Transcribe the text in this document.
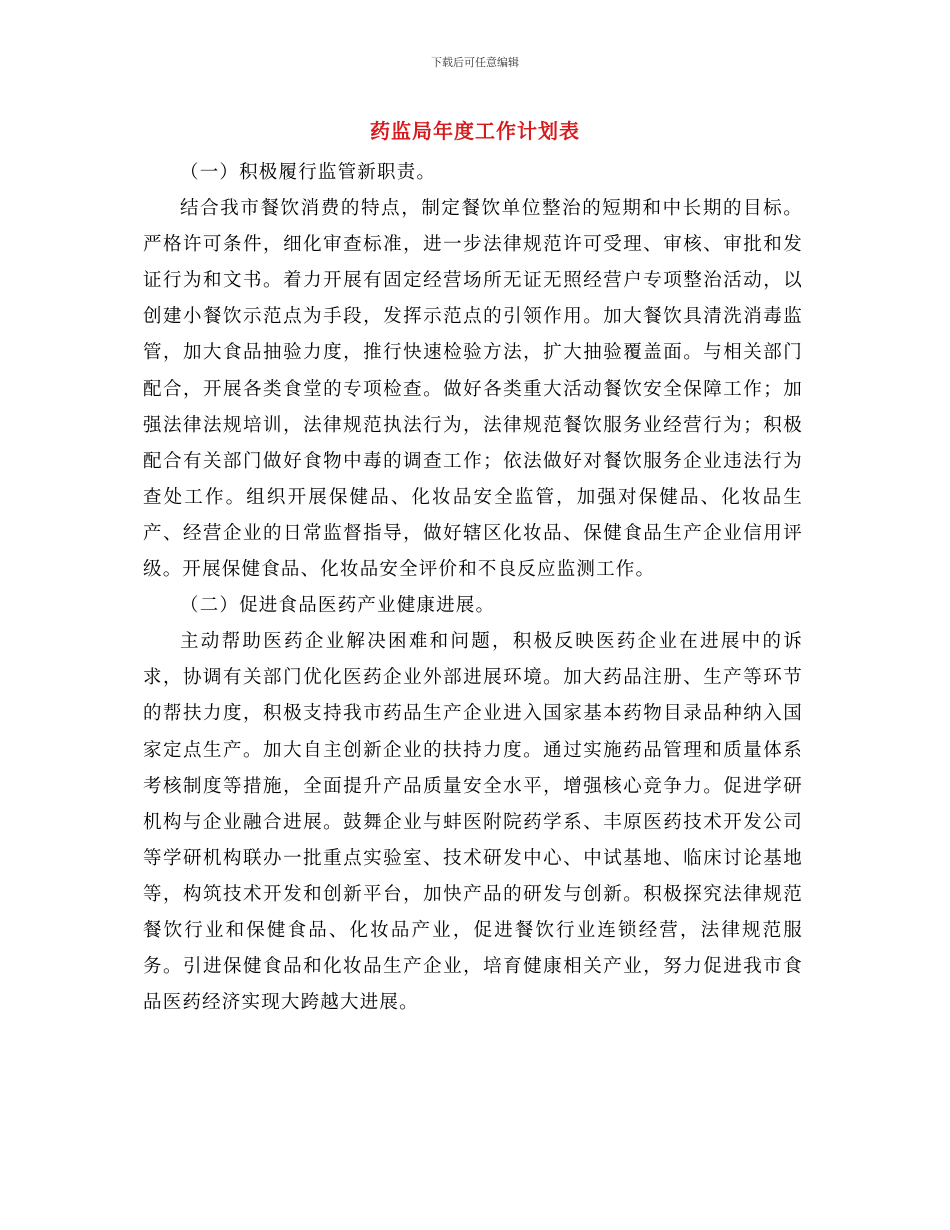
下载后可任意编辑
药监局年度工作计划表

（一）积极履行监管新职责。

结合我市餐饮消费的特点，制定餐饮单位整治的短期和中长期的目标。严格许可条件，细化审查标准，进一步法律规范许可受理、审核、审批和发证行为和文书。着力开展有固定经营场所无证无照经营户专项整治活动，以创建小餐饮示范点为手段，发挥示范点的引领作用。加大餐饮具清洗消毒监管，加大食品抽验力度，推行快速检验方法，扩大抽验覆盖面。与相关部门配合，开展各类食堂的专项检查。做好各类重大活动餐饮安全保障工作；加强法律法规培训，法律规范执法行为，法律规范餐饮服务业经营行为；积极配合有关部门做好食物中毒的调查工作；依法做好对餐饮服务企业违法行为查处工作。组织开展保健品、化妆品安全监管，加强对保健品、化妆品生产、经营企业的日常监督指导，做好辖区化妆品、保健食品生产企业信用评级。开展保健食品、化妆品安全评价和不良反应监测工作。

（二）促进食品医药产业健康进展。

主动帮助医药企业解决困难和问题，积极反映医药企业在进展中的诉求，协调有关部门优化医药企业外部进展环境。加大药品注册、生产等环节的帮扶力度，积极支持我市药品生产企业进入国家基本药物目录品种纳入国家定点生产。加大自主创新企业的扶持力度。通过实施药品管理和质量体系考核制度等措施，全面提升产品质量安全水平，增强核心竞争力。促进学研机构与企业融合进展。鼓舞企业与蚌医附院药学系、丰原医药技术开发公司等学研机构联办一批重点实验室、技术研发中心、中试基地、临床讨论基地等，构筑技术开发和创新平台，加快产品的研发与创新。积极探究法律规范餐饮行业和保健食品、化妆品产业，促进餐饮行业连锁经营，法律规范服务。引进保健食品和化妆品生产企业，培育健康相关产业，努力促进我市食品医药经济实现大跨越大进展。
